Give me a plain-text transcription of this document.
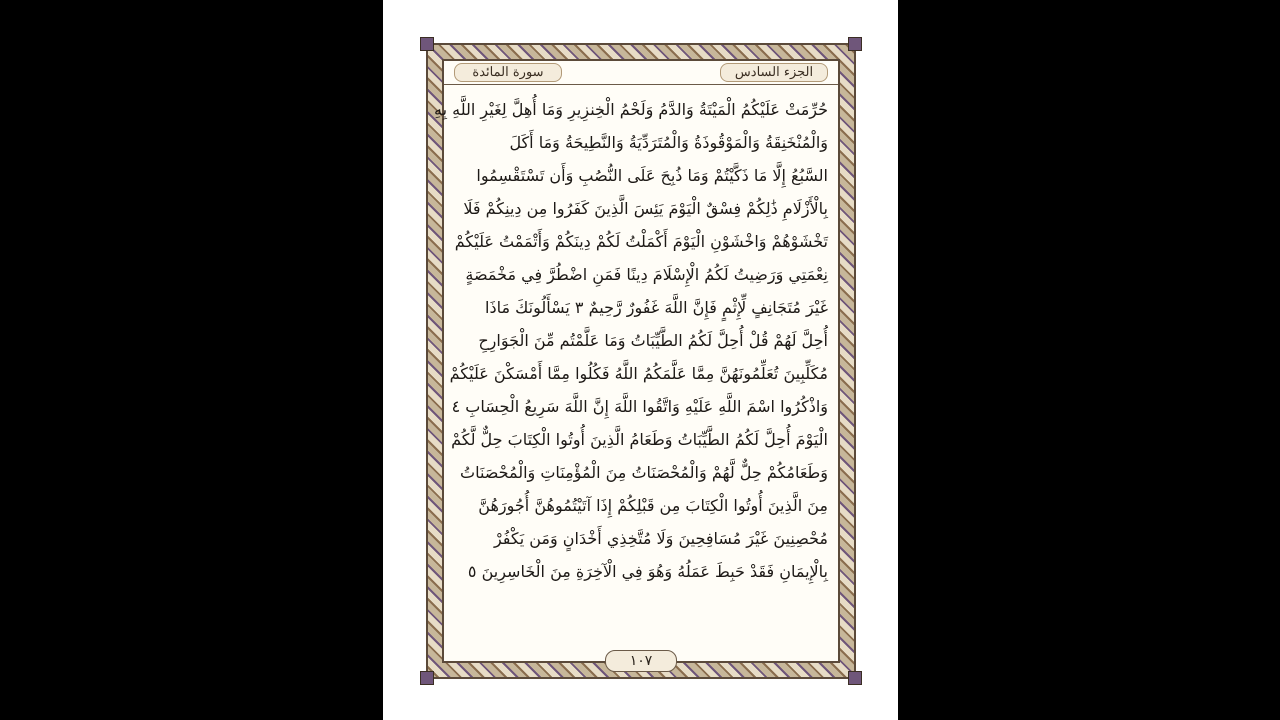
الجزء السادس
سورة المائدة
حُرِّمَتْ عَلَيْكُمُ الْمَيْتَةُ وَالدَّمُ وَلَحْمُ الْخِنزِيرِ وَمَا أُهِلَّ لِغَيْرِ اللَّهِ بِهِ
وَالْمُنْخَنِقَةُ وَالْمَوْقُوذَةُ وَالْمُتَرَدِّيَةُ وَالنَّطِيحَةُ وَمَا أَكَلَ
السَّبُعُ إِلَّا مَا ذَكَّيْتُمْ وَمَا ذُبِحَ عَلَى النُّصُبِ وَأَن تَسْتَقْسِمُوا
بِالْأَزْلَامِ ذَٰلِكُمْ فِسْقٌ الْيَوْمَ يَئِسَ الَّذِينَ كَفَرُوا مِن دِينِكُمْ فَلَا
تَخْشَوْهُمْ وَاخْشَوْنِ الْيَوْمَ أَكْمَلْتُ لَكُمْ دِينَكُمْ وَأَتْمَمْتُ عَلَيْكُمْ
نِعْمَتِي وَرَضِيتُ لَكُمُ الْإِسْلَامَ دِينًا فَمَنِ اضْطُرَّ فِي مَخْمَصَةٍ
غَيْرَ مُتَجَانِفٍ لِّإِثْمٍ فَإِنَّ اللَّهَ غَفُورٌ رَّحِيمٌ ٣ يَسْأَلُونَكَ مَاذَا
أُحِلَّ لَهُمْ قُلْ أُحِلَّ لَكُمُ الطَّيِّبَاتُ وَمَا عَلَّمْتُم مِّنَ الْجَوَارِحِ
مُكَلِّبِينَ تُعَلِّمُونَهُنَّ مِمَّا عَلَّمَكُمُ اللَّهُ فَكُلُوا مِمَّا أَمْسَكْنَ عَلَيْكُمْ
وَاذْكُرُوا اسْمَ اللَّهِ عَلَيْهِ وَاتَّقُوا اللَّهَ إِنَّ اللَّهَ سَرِيعُ الْحِسَابِ ٤
الْيَوْمَ أُحِلَّ لَكُمُ الطَّيِّبَاتُ وَطَعَامُ الَّذِينَ أُوتُوا الْكِتَابَ حِلٌّ لَّكُمْ
وَطَعَامُكُمْ حِلٌّ لَّهُمْ وَالْمُحْصَنَاتُ مِنَ الْمُؤْمِنَاتِ وَالْمُحْصَنَاتُ
مِنَ الَّذِينَ أُوتُوا الْكِتَابَ مِن قَبْلِكُمْ إِذَا آتَيْتُمُوهُنَّ أُجُورَهُنَّ
مُحْصِنِينَ غَيْرَ مُسَافِحِينَ وَلَا مُتَّخِذِي أَخْدَانٍ وَمَن يَكْفُرْ
بِالْإِيمَانِ فَقَدْ حَبِطَ عَمَلُهُ وَهُوَ فِي الْآخِرَةِ مِنَ الْخَاسِرِينَ ٥
١٠٧
